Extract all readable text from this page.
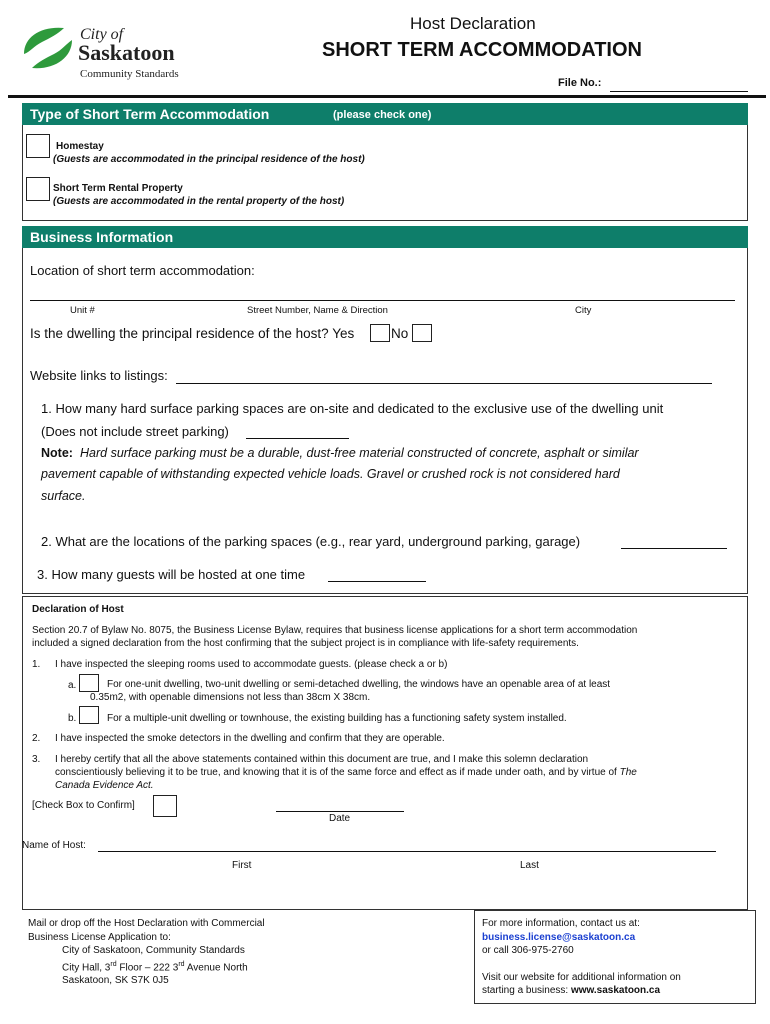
City of
Saskatoon
Community Standards
Host Declaration
SHORT TERM ACCOMMODATION
File No.:
Type of Short Term Accommodation	(please check one)
Homestay
(Guests are accommodated in the principal residence of the host)
Short Term Rental Property
(Guests are accommodated in the rental property of the host)
Business Information
Location of short term accommodation:
Unit #	Street Number, Name & Direction	City
Is the dwelling the principal residence of the host? Yes	No
Website links to listings:
1. How many hard surface parking spaces are on-site and dedicated to the exclusive use of the dwelling unit
(Does not include street parking)
Note: Hard surface parking must be a durable, dust-free material constructed of concrete, asphalt or similar
pavement capable of withstanding expected vehicle loads. Gravel or crushed rock is not considered hard
surface.
2. What are the locations of the parking spaces (e.g., rear yard, underground parking, garage)
3. How many guests will be hosted at one time
Declaration of Host
Section 20.7 of Bylaw No. 8075, the Business License Bylaw, requires that business license applications for a short term accommodation
included a signed declaration from the host confirming that the subject project is in compliance with life-safety requirements.
1. I have inspected the sleeping rooms used to accommodate guests. (please check a or b)
a.	For one-unit dwelling, two-unit dwelling or semi-detached dwelling, the windows have an openable area of at least
0.35m2, with openable dimensions not less than 38cm X 38cm.
b.	For a multiple-unit dwelling or townhouse, the existing building has a functioning safety system installed.
2. I have inspected the smoke detectors in the dwelling and confirm that they are operable.
3. I hereby certify that all the above statements contained within this document are true, and I make this solemn declaration
conscientiously believing it to be true, and knowing that it is of the same force and effect as if made under oath, and by virtue of The
Canada Evidence Act.
[Check Box to Confirm]
Date
Name of Host:
First	Last
Mail or drop off the Host Declaration with Commercial
Business License Application to:
City of Saskatoon, Community Standards
City Hall, 3rd Floor – 222 3rd Avenue North
Saskatoon, SK S7K 0J5
For more information, contact us at:
business.license@saskatoon.ca
or call 306-975-2760
Visit our website for additional information on
starting a business: www.saskatoon.ca
